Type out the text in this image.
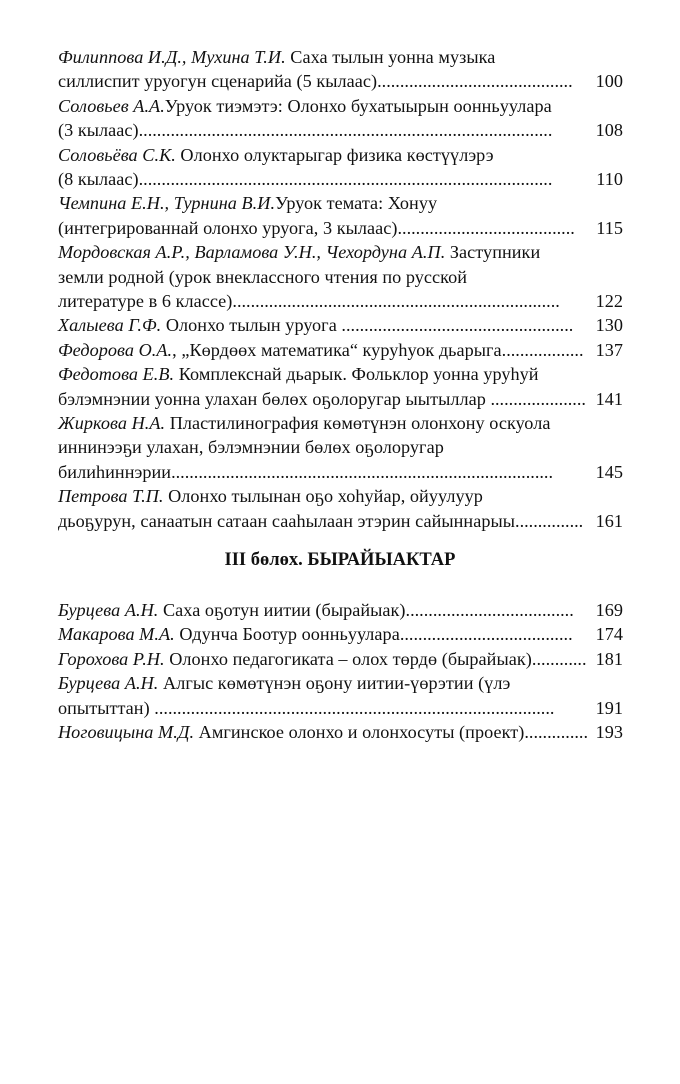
Филиппова И.Д., Мухина Т.И. Саха тылын уонна музыка
силлиспит уруогун сценарийа (5 кылаас)........................................... 100
Соловьев А.А.Уруок тиэмэтэ: Олонхо бухатыырын оонньуулара
(3 кылаас)........................................................................................... 108
Соловьёва С.К. Олонхо олуктарыгар физика көстүүлэрэ
(8 кылаас)........................................................................................... 110
Чемпина Е.Н., Турнина В.И.Уруок темата: Хонуу
(интегрированнай олонхо уруога, 3 кылаас)....................................... 115
Мордовская А.Р., Варламова У.Н., Чехордуна А.П. Заступники
земли родной (урок внеклассного чтения по русской
литературе в 6 классе)........................................................................ 122
Халыева Г.Ф. Олонхо тылын уруога ................................................... 130
Федорова О.А., „Көрдөөх математика“ куруһуок дьарыга.................. 137
Федотова Е.В. Комплекснай дьарык. Фольклор уонна уруһуй
бэлэмнэнии уонна улахан бөлөх оҕолоругар ыытыллар ..................... 141
Жиркова Н.А. Пластилинография көмөтүнэн олонхону оскуола
иннинээҕи улахан, бэлэмнэнии бөлөх оҕолоругар
билиһиннэрии.................................................................................... 145
Петрова Т.П. Олонхо тылынан оҕо хоһуйар, ойуулуур
дьоҕурун, санаатын сатаан сааһылаан этэрин сайыннарыы............... 161
III бөлөх. БЫРАЙЫАКТАР
Бурцева А.Н. Саха оҕотун иитии (бырайыак)..................................... 169
Макарова М.А. Одунча Боотур оонньуулара...................................... 174
Горохова Р.Н. Олонхо педагогиката – олох төрдө (бырайыак)............ 181
Бурцева А.Н. Алгыс көмөтүнэн оҕону иитии-үөрэтии (үлэ
опытыттан) ........................................................................................ 191
Ноговицына М.Д. Амгинское олонхо и олонхосуты (проект).............. 193
